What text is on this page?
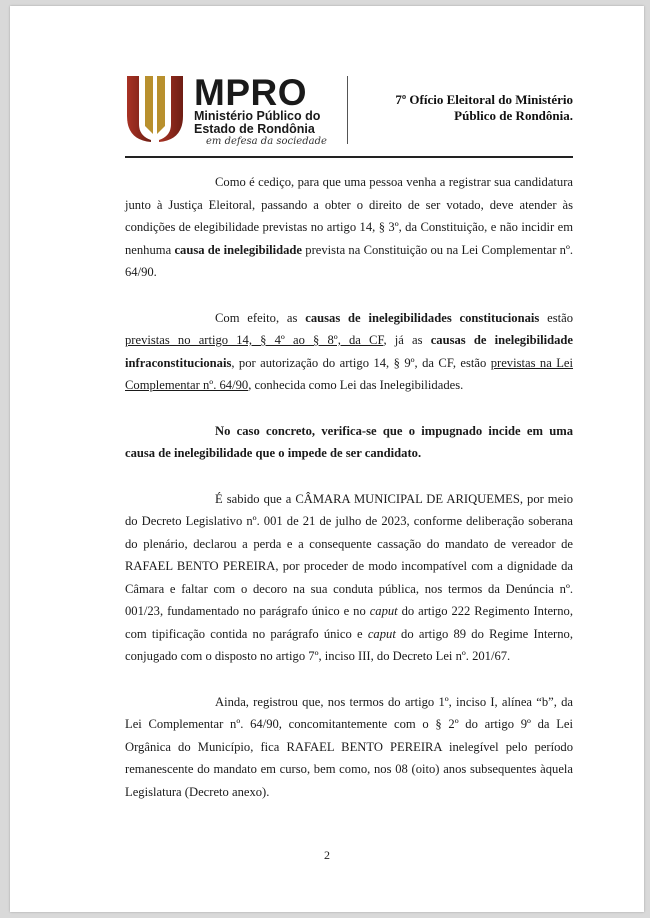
MPRO
Ministério Público do
Estado de Rondônia
em defesa da sociedade
7º Ofício Eleitoral do Ministério
Público de Rondônia.

Como é cediço, para que uma pessoa venha a registrar sua candidatura junto à Justiça Eleitoral, passando a obter o direito de ser votado, deve atender às condições de elegibilidade previstas no artigo 14, § 3º, da Constituição, e não incidir em nenhuma causa de inelegibilidade prevista na Constituição ou na Lei Complementar nº. 64/90.

Com efeito, as causas de inelegibilidades constitucionais estão previstas no artigo 14, § 4º ao § 8º, da CF, já as causas de inelegibilidade infraconstitucionais, por autorização do artigo 14, § 9º, da CF, estão previstas na Lei Complementar nº. 64/90, conhecida como Lei das Inelegibilidades.

No caso concreto, verifica-se que o impugnado incide em uma causa de inelegibilidade que o impede de ser candidato.

É sabido que a CÂMARA MUNICIPAL DE ARIQUEMES, por meio do Decreto Legislativo nº. 001 de 21 de julho de 2023, conforme deliberação soberana do plenário, declarou a perda e a consequente cassação do mandato de vereador de RAFAEL BENTO PEREIRA, por proceder de modo incompatível com a dignidade da Câmara e faltar com o decoro na sua conduta pública, nos termos da Denúncia nº. 001/23, fundamentado no parágrafo único e no caput do artigo 222 Regimento Interno, com tipificação contida no parágrafo único e caput do artigo 89 do Regime Interno, conjugado com o disposto no artigo 7º, inciso III, do Decreto Lei nº. 201/67.

Ainda, registrou que, nos termos do artigo 1º, inciso I, alínea “b”, da Lei Complementar nº. 64/90, concomitantemente com o § 2º do artigo 9º da Lei Orgânica do Município, fica RAFAEL BENTO PEREIRA inelegível pelo período remanescente do mandato em curso, bem como, nos 08 (oito) anos subsequentes àquela Legislatura (Decreto anexo).

2
